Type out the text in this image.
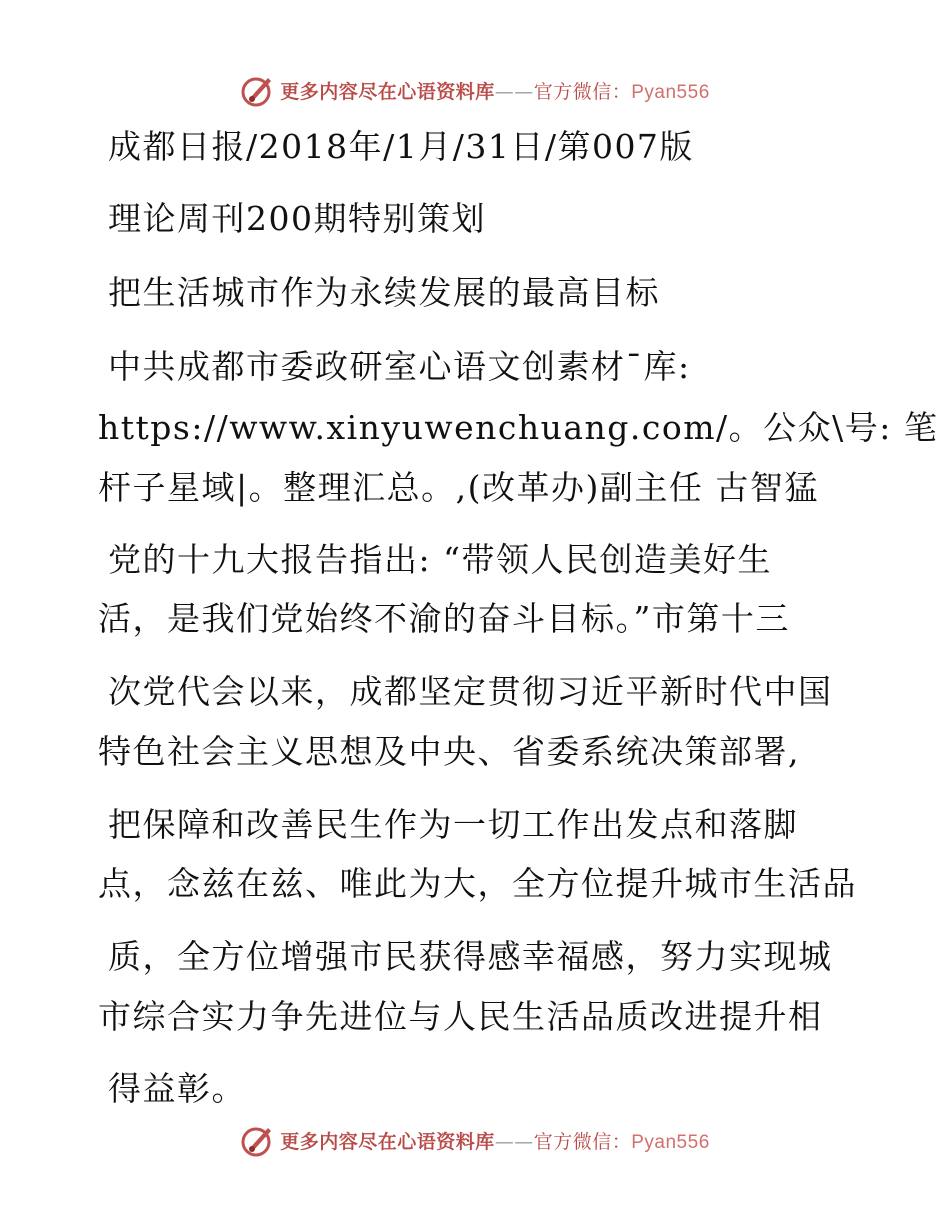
更多内容尽在心语资料库——官方微信：Pyan556
成都日报/2018年/1月/31日/第007版
理论周刊200期特别策划
把生活城市作为永续发展的最高目标
中共成都市委政研室心语文创素材¯库:
https://www.xinyuwenchuang.com/。公众\号: 笔
杆子星域|。整理汇总。,(改革办)副主任 古智猛
党的十九大报告指出: “带领人民创造美好生
活，是我们党始终不渝的奋斗目标。”市第十三
次党代会以来，成都坚定贯彻习近平新时代中国
特色社会主义思想及中央、省委系统决策部署,
把保障和改善民生作为一切工作出发点和落脚
点，念兹在兹、唯此为大，全方位提升城市生活品
质，全方位增强市民获得感幸福感，努力实现城
市综合实力争先进位与人民生活品质改进提升相
得益彰。
更多内容尽在心语资料库——官方微信：Pyan556
